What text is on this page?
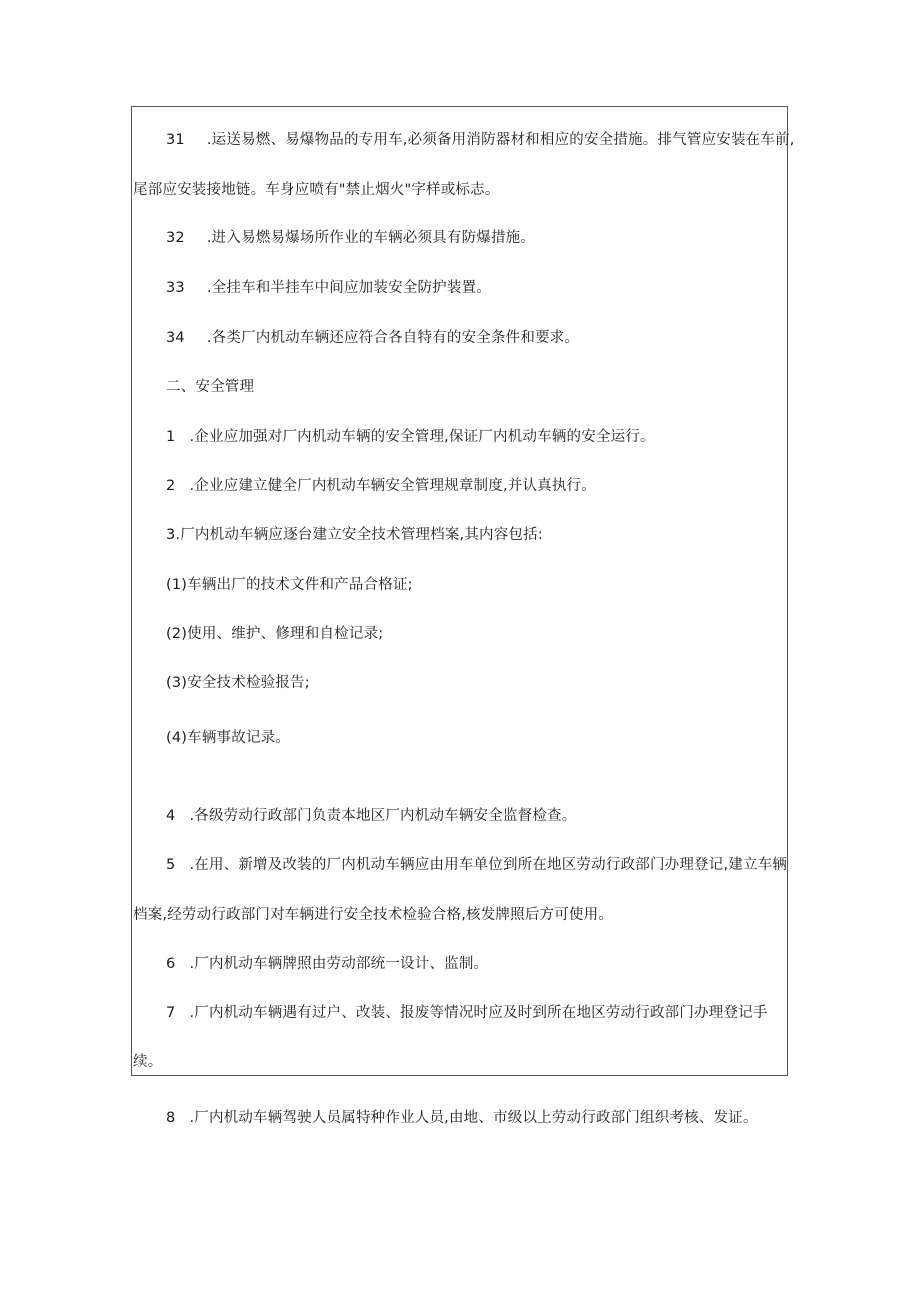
31 .运送易燃、易爆物品的专用车,必须备用消防器材和相应的安全措施。排气管应安装在车前,
尾部应安装接地链。车身应喷有"禁止烟火"字样或标志。
32 .进入易燃易爆场所作业的车辆必须具有防爆措施。
33 .全挂车和半挂车中间应加装安全防护装置。
34 .各类厂内机动车辆还应符合各自特有的安全条件和要求。
二、安全管理
1 .企业应加强对厂内机动车辆的安全管理,保证厂内机动车辆的安全运行。
2 .企业应建立健全厂内机动车辆安全管理规章制度,并认真执行。
3.厂内机动车辆应逐台建立安全技术管理档案,其内容包括:
(1)车辆出厂的技术文件和产品合格证;
(2)使用、维护、修理和自检记录;
(3)安全技术检验报告;
(4)车辆事故记录。
4 .各级劳动行政部门负责本地区厂内机动车辆安全监督检查。
5 .在用、新增及改装的厂内机动车辆应由用车单位到所在地区劳动行政部门办理登记,建立车辆
档案,经劳动行政部门对车辆进行安全技术检验合格,核发牌照后方可使用。
6 .厂内机动车辆牌照由劳动部统一设计、监制。
7 .厂内机动车辆遇有过户、改装、报废等情况时应及时到所在地区劳动行政部门办理登记手
续。
8 .厂内机动车辆驾驶人员属特种作业人员,由地、市级以上劳动行政部门组织考核、发证。
